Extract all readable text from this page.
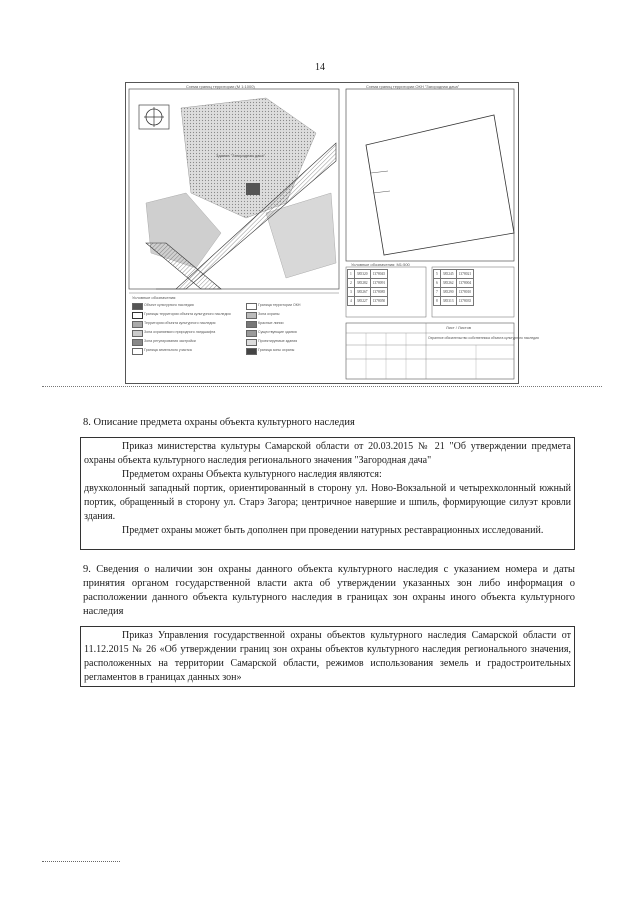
14
Схема границ территории (М 1:1000)	Схема границ территории ОКН "Загородная дача"
Здание "Загородная дача"
Условные обозначения:
Условные обозначения: М1:500
Объект культурного наследия
Границы территории объекта культурного наследия
Территория объекта культурного наследия
Зона охраняемого природного ландшафта
Зона регулирования застройки
Граница земельного участка
Граница территории ОКН
Зона охраны
Красные линии
Существующие здания
Проектируемые здания
Граница зоны охраны
1	385320	1378045
2	385282	1378091
3	385267	1378085
4	385227	1378050
5	385245	1378021
6	385262	1378004
7	385290	1378010
8	385313	1378035
Лист / Листов
Охранное обязательство собственника объекта культурного наследия
8. Описание предмета охраны объекта культурного наследия

Приказ министерства культуры Самарской области от 20.03.2015 № 21 "Об утверждении предмета охраны объекта культурного наследия регионального значения "Загородная дача"

Предметом охраны Объекта культурного наследия являются:

двухколонный западный портик, ориентированный в сторону ул. Ново-Вокзальной и четырехколонный южный портик, обращенный в сторону ул. Старэ Загора; центричное навершие и шпиль, формирующие силуэт кровли здания.

Предмет охраны может быть дополнен при проведении натурных реставрационных исследований.

9. Сведения о наличии зон охраны данного объекта культурного наследия с указанием номера и даты принятия органом государственной власти акта об утверждении указанных зон либо информация о расположении данного объекта культурного наследия в границах зон охраны иного объекта культурного наследия

Приказ Управления государственной охраны объектов культурного наследия Самарской области от 11.12.2015 № 26 «Об утверждении границ зон охраны объектов культурного наследия регионального значения, расположенных на территории Самарской области, режимов использования земель и градостроительных регламентов в границах данных зон»
